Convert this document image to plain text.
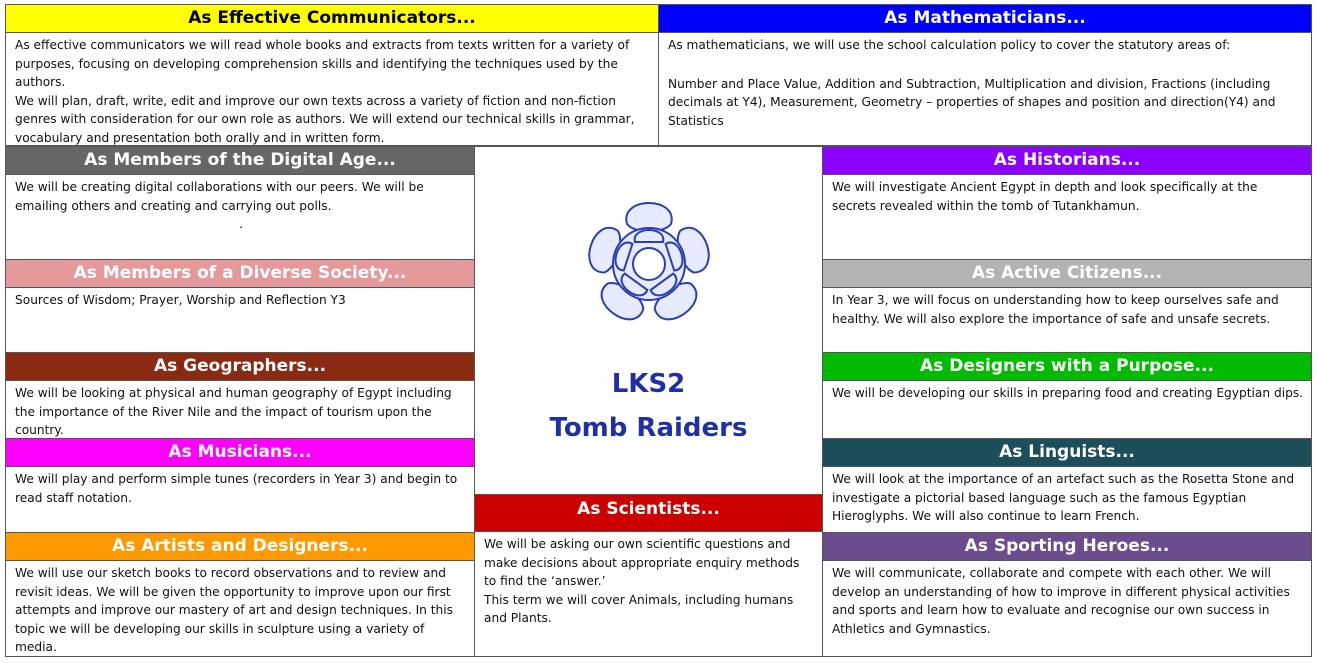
As Effective Communicators...

As effective communicators we will read whole books and extracts from texts written for a variety of purposes, focusing on developing comprehension skills and identifying the techniques used by the authors.

We will plan, draft, write, edit and improve our own texts across a variety of fiction and non-fiction genres with consideration for our own role as authors. We will extend our technical skills in grammar, vocabulary and presentation both orally and in written form.

As Mathematicians...

As mathematicians, we will use the school calculation policy to cover the statutory areas of:

Number and Place Value, Addition and Subtraction, Multiplication and division, Fractions (including decimals at Y4), Measurement, Geometry – properties of shapes and position and direction(Y4) and Statistics

As Members of the Digital Age...

We will be creating digital collaborations with our peers. We will be emailing others and creating and carrying out polls.

.

As Members of a Diverse Society...

Sources of Wisdom; Prayer, Worship and Reflection Y3

As Geographers...

We will be looking at physical and human geography of Egypt including the importance of the River Nile and the impact of tourism upon the country.

As Musicians...

We will play and perform simple tunes (recorders in Year 3) and begin to read staff notation.

As Artists and Designers...

We will use our sketch books to record observations and to review and revisit ideas. We will be given the opportunity to improve upon our first attempts and improve our mastery of art and design techniques. In this topic we will be developing our skills in sculpture using a variety of media.

LKS2
Tomb Raiders
As Scientists...

We will be asking our own scientific questions and make decisions about appropriate enquiry methods to find the ‘answer.’

This term we will cover Animals, including humans and Plants.

As Historians...

We will investigate Ancient Egypt in depth and look specifically at the secrets revealed within the tomb of Tutankhamun.

As Active Citizens...

In Year 3, we will focus on understanding how to keep ourselves safe and healthy. We will also explore the importance of safe and unsafe secrets.

As Designers with a Purpose...

We will be developing our skills in preparing food and creating Egyptian dips.

As Linguists...

We will look at the importance of an artefact such as the Rosetta Stone and investigate a pictorial based language such as the famous Egyptian Hieroglyphs. We will also continue to learn French.

As Sporting Heroes...

We will communicate, collaborate and compete with each other. We will develop an understanding of how to improve in different physical activities and sports and learn how to evaluate and recognise our own success in Athletics and Gymnastics.
